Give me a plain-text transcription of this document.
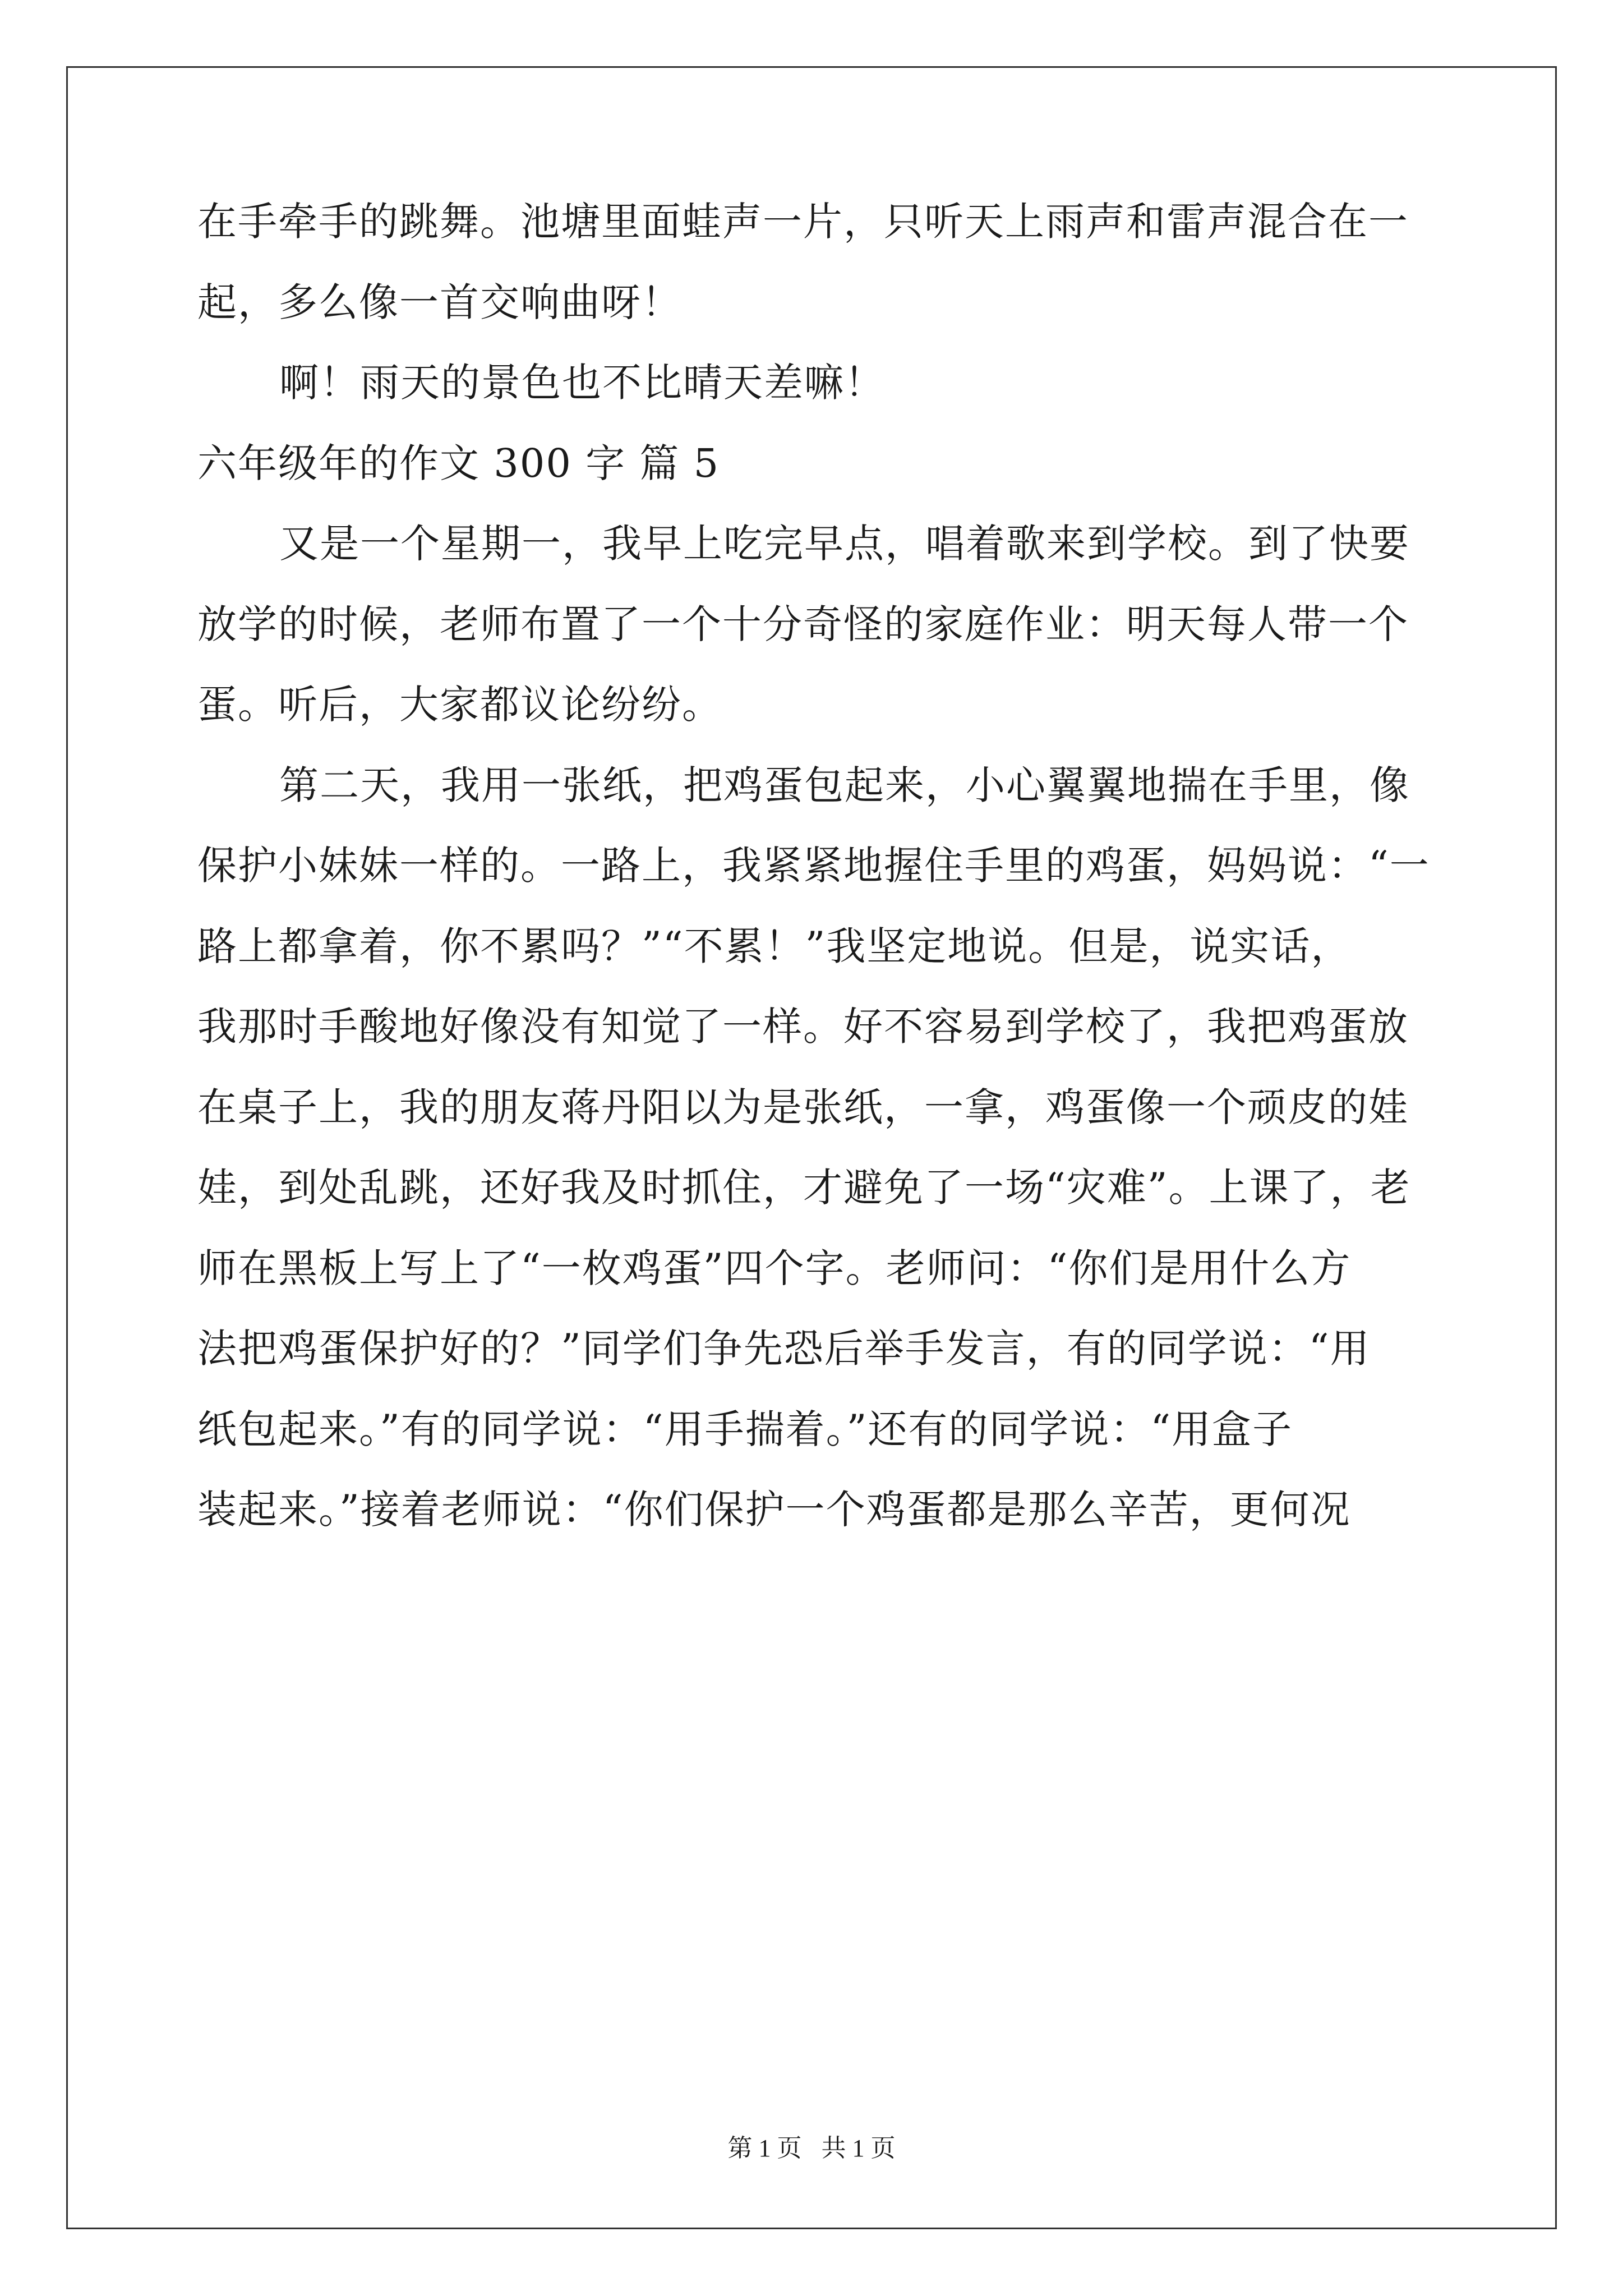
在手牵手的跳舞。池塘里面蛙声一片，只听天上雨声和雷声混合在一
起，多么像一首交响曲呀！
啊！雨天的景色也不比晴天差嘛！
六年级年的作文 300 字 篇 5
又是一个星期一，我早上吃完早点，唱着歌来到学校。到了快要
放学的时候，老师布置了一个十分奇怪的家庭作业：明天每人带一个
蛋。听后，大家都议论纷纷。
第二天，我用一张纸，把鸡蛋包起来，小心翼翼地揣在手里，像
保护小妹妹一样的。一路上，我紧紧地握住手里的鸡蛋，妈妈说：“一
路上都拿着，你不累吗？”“不累！”我坚定地说。但是，说实话，
我那时手酸地好像没有知觉了一样。好不容易到学校了，我把鸡蛋放
在桌子上，我的朋友蒋丹阳以为是张纸，一拿，鸡蛋像一个顽皮的娃
娃，到处乱跳，还好我及时抓住，才避免了一场“灾难”。上课了，老
师在黑板上写上了“一枚鸡蛋”四个字。老师问：“你们是用什么方
法把鸡蛋保护好的？”同学们争先恐后举手发言，有的同学说：“用
纸包起来。”有的同学说：“用手揣着。”还有的同学说：“用盒子
装起来。”接着老师说：“你们保护一个鸡蛋都是那么辛苦，更何况
第 1 页 共 1 页
